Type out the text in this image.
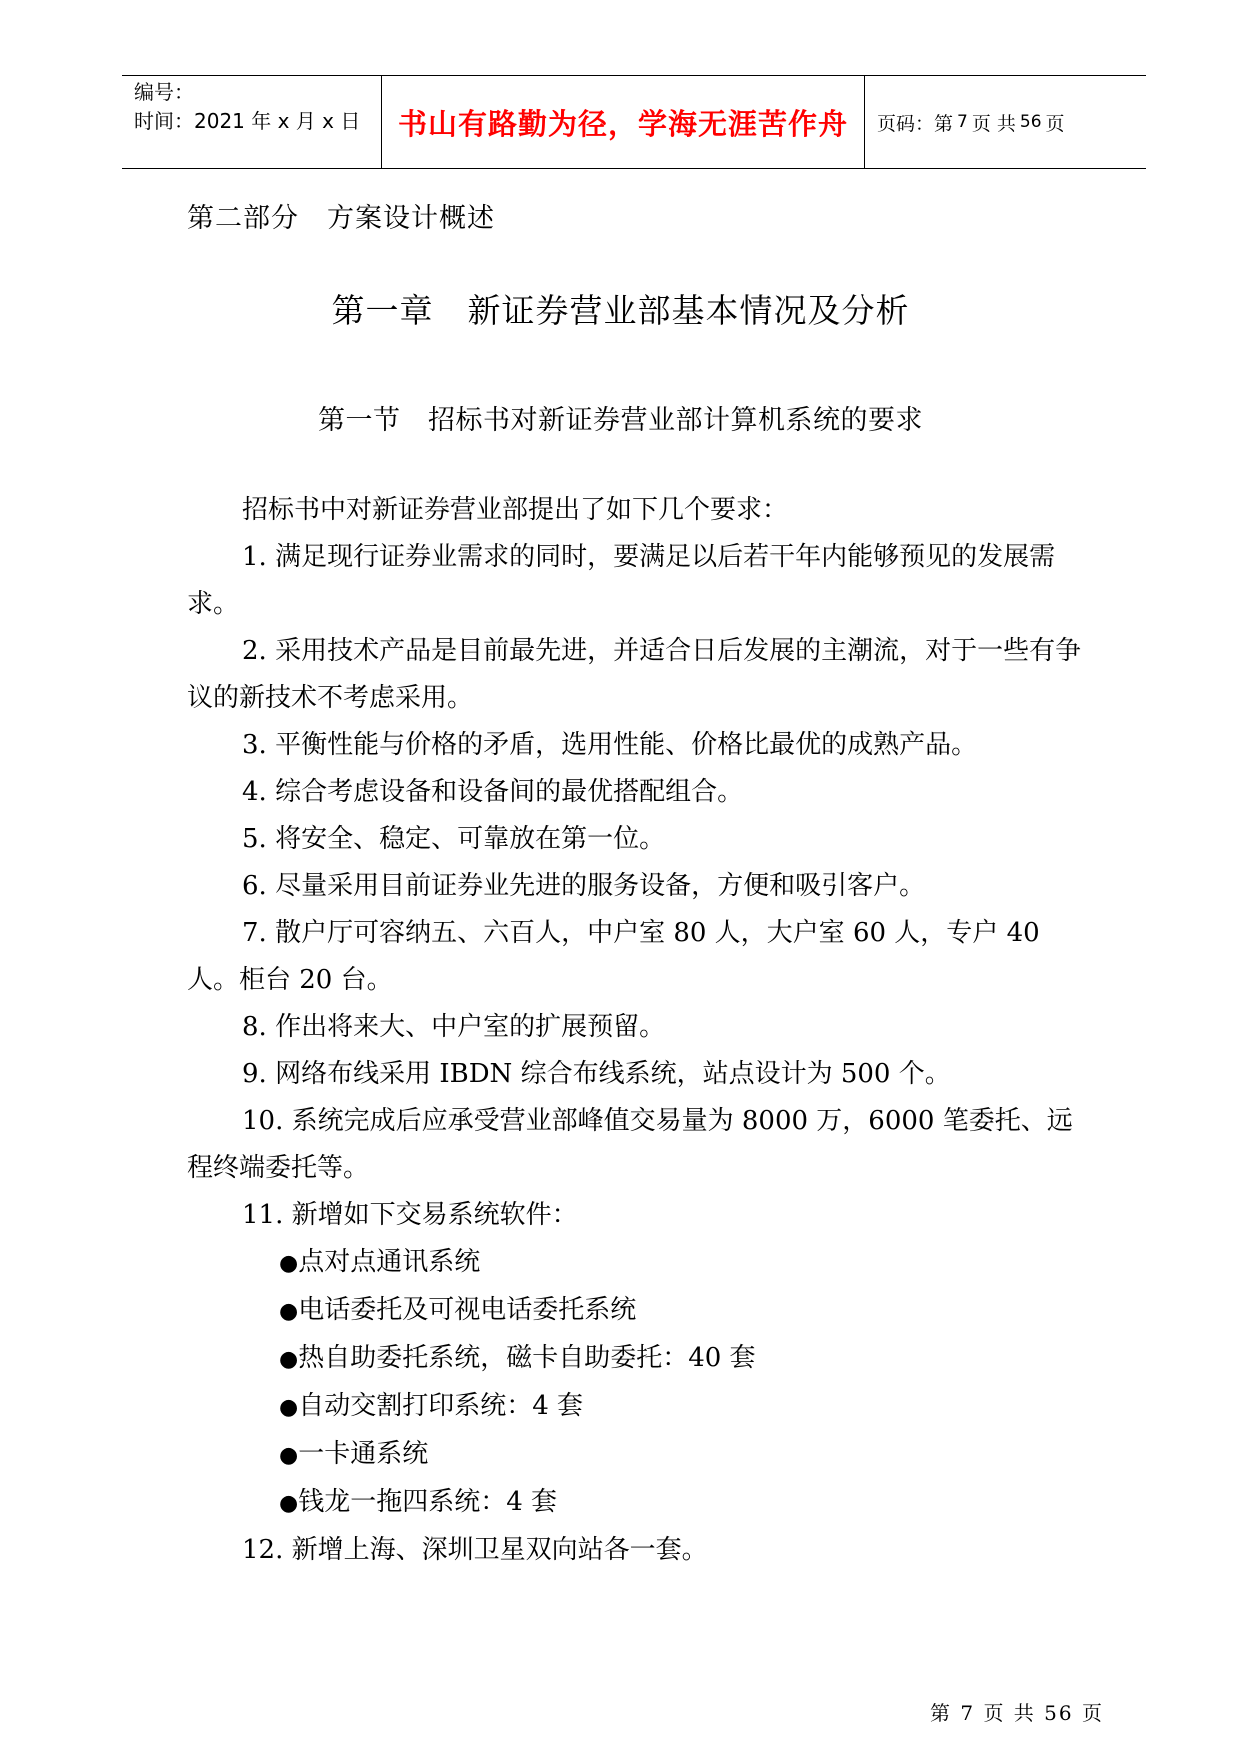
编号：
时间：2021 年 x 月 x 日	书山有路勤为径，学海无涯苦作舟	页码：第 7 页 共 56 页
第二部分　方案设计概述
第一章　新证券营业部基本情况及分析
第一节　招标书对新证券营业部计算机系统的要求

招标书中对新证券营业部提出了如下几个要求：

1. 满足现行证券业需求的同时，要满足以后若干年内能够预见的发展需求。

2. 采用技术产品是目前最先进，并适合日后发展的主潮流，对于一些有争议的新技术不考虑采用。

3. 平衡性能与价格的矛盾，选用性能、价格比最优的成熟产品。

4. 综合考虑设备和设备间的最优搭配组合。

5. 将安全、稳定、可靠放在第一位。

6. 尽量采用目前证券业先进的服务设备，方便和吸引客户。

7. 散户厅可容纳五、六百人，中户室 80 人，大户室 60 人，专户 40 人。柜台 20 台。

8. 作出将来大、中户室的扩展预留。

9. 网络布线采用 IBDN 综合布线系统，站点设计为 500 个。

10. 系统完成后应承受营业部峰值交易量为 8000 万，6000 笔委托、远程终端委托等。

11. 新增如下交易系统软件：

●点对点通讯系统

●电话委托及可视电话委托系统

●热自助委托系统，磁卡自助委托：40 套

●自动交割打印系统：4 套

●一卡通系统

●钱龙一拖四系统：4 套

12. 新增上海、深圳卫星双向站各一套。

第 7 页 共 56 页
